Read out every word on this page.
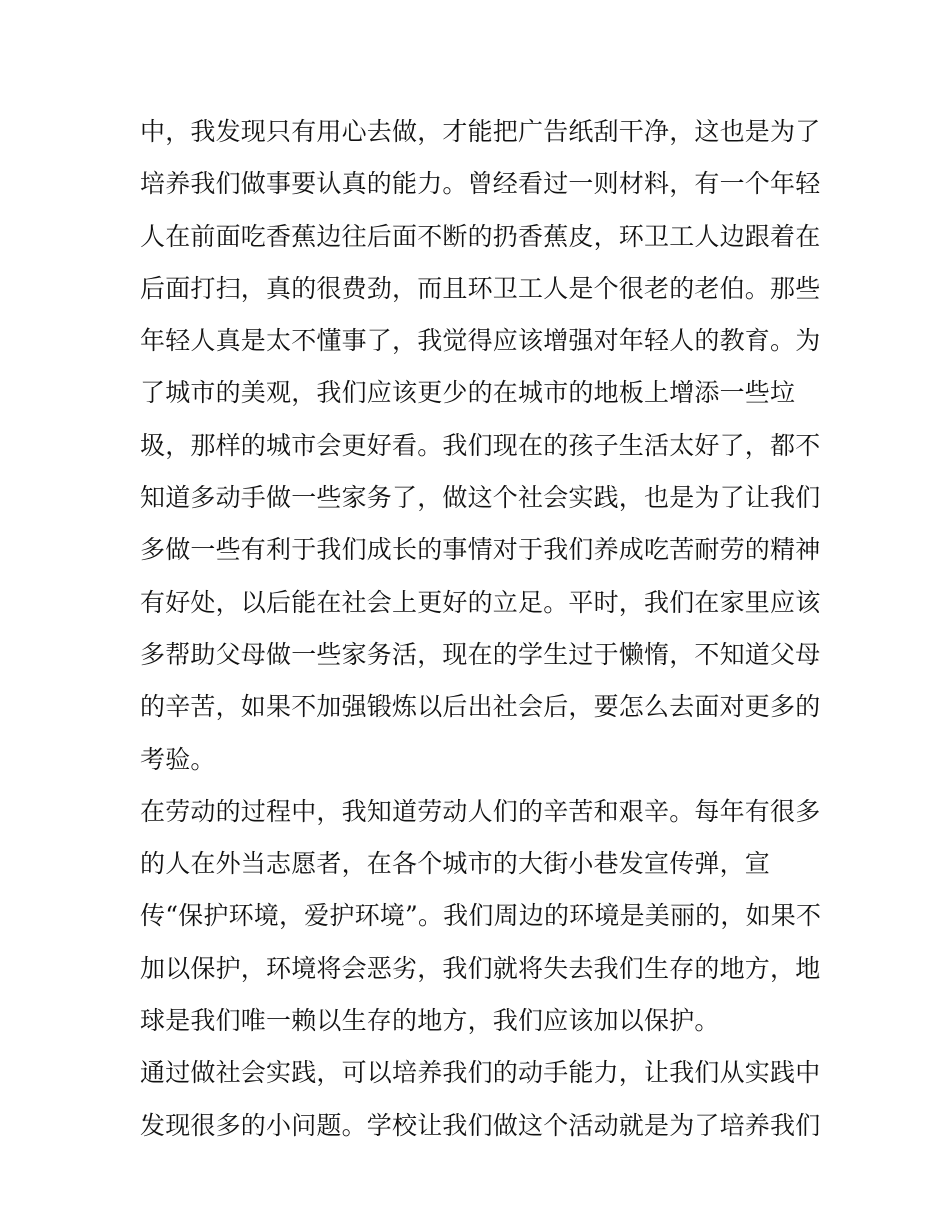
中，我发现只有用心去做，才能把广告纸刮干净，这也是为了
培养我们做事要认真的能力。曾经看过一则材料，有一个年轻
人在前面吃香蕉边往后面不断的扔香蕉皮，环卫工人边跟着在
后面打扫，真的很费劲，而且环卫工人是个很老的老伯。那些
年轻人真是太不懂事了，我觉得应该增强对年轻人的教育。为
了城市的美观，我们应该更少的在城市的地板上增添一些垃
圾，那样的城市会更好看。我们现在的孩子生活太好了，都不
知道多动手做一些家务了，做这个社会实践，也是为了让我们
多做一些有利于我们成长的事情对于我们养成吃苦耐劳的精神
有好处，以后能在社会上更好的立足。平时，我们在家里应该
多帮助父母做一些家务活，现在的学生过于懒惰，不知道父母
的辛苦，如果不加强锻炼以后出社会后，要怎么去面对更多的
考验。
在劳动的过程中，我知道劳动人们的辛苦和艰辛。每年有很多
的人在外当志愿者，在各个城市的大街小巷发宣传弹，宣
传“保护环境，爱护环境”。我们周边的环境是美丽的，如果不
加以保护，环境将会恶劣，我们就将失去我们生存的地方，地
球是我们唯一赖以生存的地方，我们应该加以保护。
通过做社会实践，可以培养我们的动手能力，让我们从实践中
发现很多的小问题。学校让我们做这个活动就是为了培养我们
